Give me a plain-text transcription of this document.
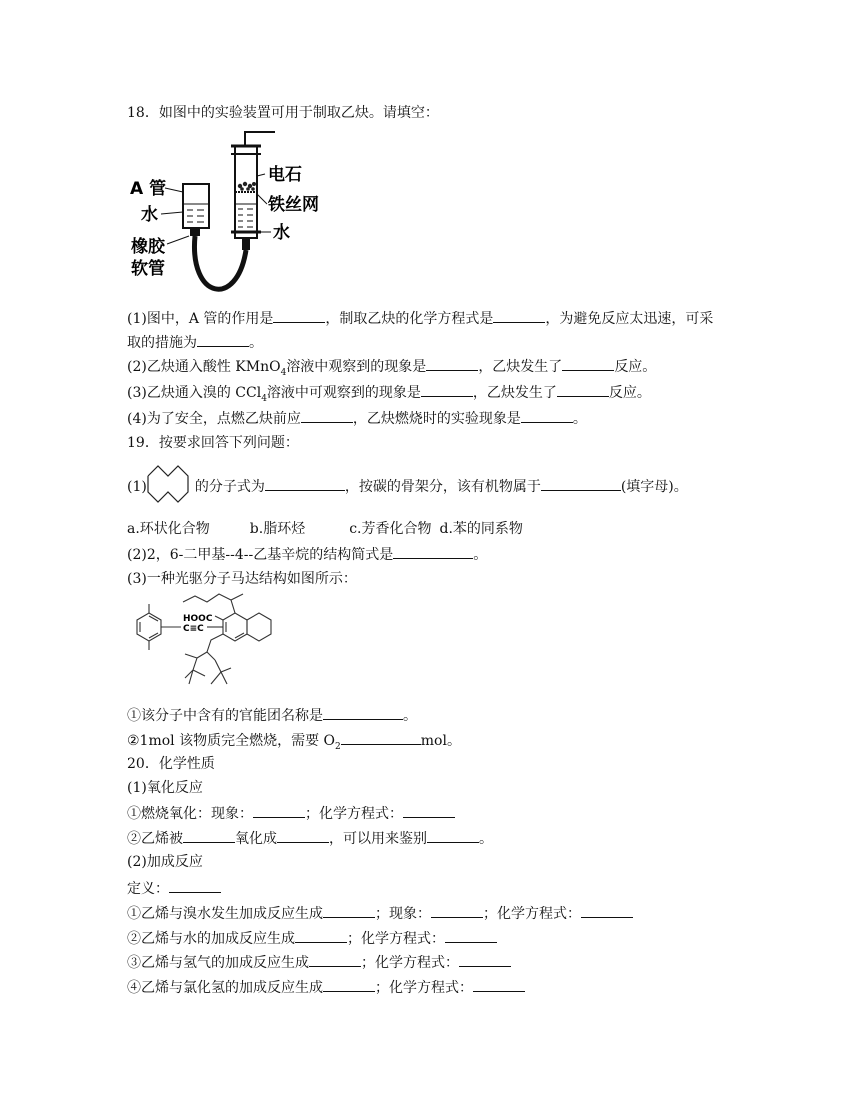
18．如图中的实验装置可用于制取乙炔。请填空：
A 管
水
橡胶
软管
电石
铁丝网
水
(1)图中，A 管的作用是	，制取乙炔的化学方程式是	，为避免反应太迅速，可采
取的措施为	。
(2)乙炔通入酸性 KMnO$_4$溶液中观察到的现象是	，乙炔发生了	反应。
(3)乙炔通入溴的 CCl$_4$溶液中可观察到的现象是	，乙炔发生了	反应。
(4)为了安全，点燃乙炔前应	，乙炔燃烧时的实验现象是	。
19．按要求回答下列问题：
(1)	的分子式为	，按碳的骨架分，该有机物属于	(填字母)。
a.环状化合物	b.脂环烃	c.芳香化合物 d.苯的同系物
(2)2，6-二甲基--4--乙基辛烷的结构简式是	。
(3)一种光驱分子马达结构如图所示：
HOOC
C≡C
①该分子中含有的官能团名称是	。
②1mol 该物质完全燃烧，需要 $O_2$	mol。
20．化学性质
(1)氧化反应
①燃烧氧化：现象：	；化学方程式：
②乙烯被	氧化成	，可以用来鉴别	。
(2)加成反应
定义：
①乙烯与溴水发生加成反应生成	；现象：	；化学方程式：
②乙烯与水的加成反应生成	；化学方程式：
③乙烯与氢气的加成反应生成	；化学方程式：
④乙烯与氯化氢的加成反应生成	；化学方程式：
